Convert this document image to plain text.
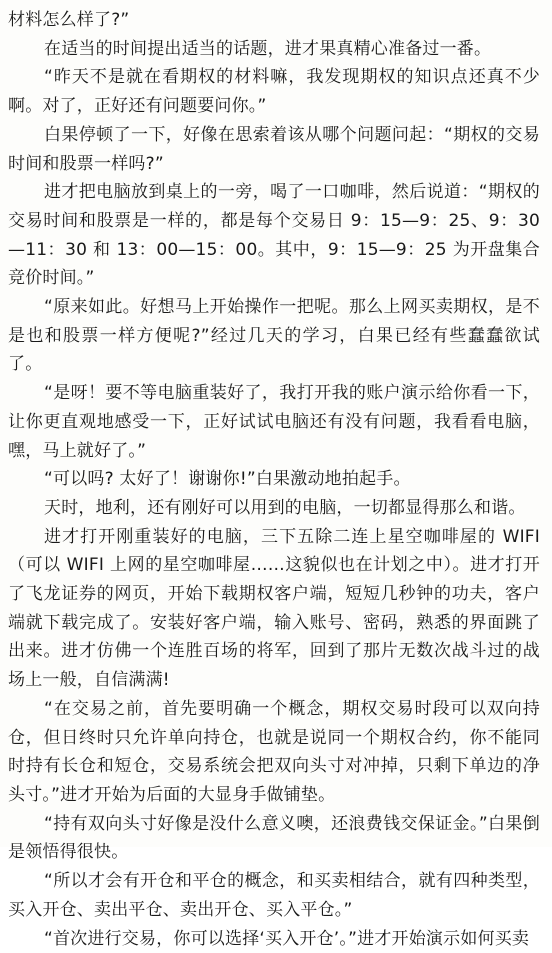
材料怎么样了?”

在适当的时间提出适当的话题，进才果真精心准备过一番。

“昨天不是就在看期权的材料嘛，我发现期权的知识点还真不少啊。对了，正好还有问题要问你。”

白果停顿了一下，好像在思索着该从哪个问题问起：“期权的交易时间和股票一样吗?”

进才把电脑放到桌上的一旁，喝了一口咖啡，然后说道：“期权的交易时间和股票是一样的，都是每个交易日 9：15—9：25、9：30—11：30 和 13：00—15：00。其中，9：15—9：25 为开盘集合竞价时间。”

“原来如此。好想马上开始操作一把呢。那么上网买卖期权，是不是也和股票一样方便呢?”经过几天的学习，白果已经有些蠢蠢欲试了。

“是呀！要不等电脑重装好了，我打开我的账户演示给你看一下，让你更直观地感受一下，正好试试电脑还有没有问题，我看看电脑，嘿，马上就好了。”

“可以吗? 太好了！谢谢你!”白果激动地拍起手。

天时，地利，还有刚好可以用到的电脑，一切都显得那么和谐。

进才打开刚重装好的电脑，三下五除二连上星空咖啡屋的 WIFI（可以 WIFI 上网的星空咖啡屋……这貌似也在计划之中）。进才打开了飞龙证券的网页，开始下载期权客户端，短短几秒钟的功夫，客户端就下载完成了。安装好客户端，输入账号、密码，熟悉的界面跳了出来。进才仿佛一个连胜百场的将军，回到了那片无数次战斗过的战场上一般，自信满满!

“在交易之前，首先要明确一个概念，期权交易时段可以双向持仓，但日终时只允许单向持仓，也就是说同一个期权合约，你不能同时持有长仓和短仓，交易系统会把双向头寸对冲掉，只剩下单边的净头寸。”进才开始为后面的大显身手做铺垫。

“持有双向头寸好像是没什么意义噢，还浪费钱交保证金。”白果倒是领悟得很快。

“所以才会有开仓和平仓的概念，和买卖相结合，就有四种类型，买入开仓、卖出平仓、卖出开仓、买入平仓。”

“首次进行交易，你可以选择‘买入开仓’。”进才开始演示如何买卖
